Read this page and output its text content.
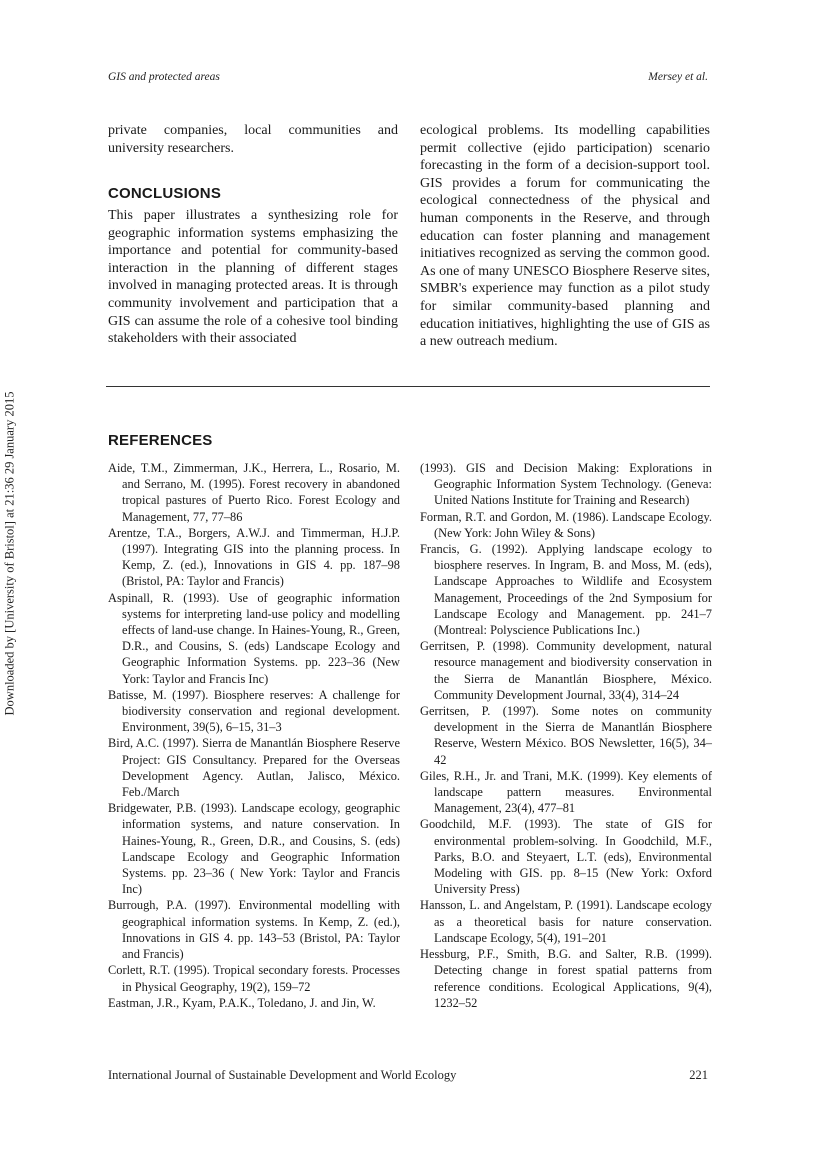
GIS and protected areas	Mersey et al.
Downloaded by [University of Bristol] at 21:36 29 January 2015

private companies, local communities and university researchers.

CONCLUSIONS

This paper illustrates a synthesizing role for geographic information systems emphasizing the importance and potential for community-based interaction in the planning of different stages involved in managing protected areas. It is through community involvement and participation that a GIS can assume the role of a cohesive tool binding stakeholders with their associated

ecological problems. Its modelling capabilities permit collective (ejido participation) scenario forecasting in the form of a decision-support tool. GIS provides a forum for communicating the ecological connectedness of the physical and human components in the Reserve, and through education can foster planning and management initiatives recognized as serving the common good. As one of many UNESCO Biosphere Reserve sites, SMBR's experience may function as a pilot study for similar community-based planning and education initiatives, highlighting the use of GIS as a new outreach medium.

REFERENCES

Aide, T.M., Zimmerman, J.K., Herrera, L., Rosario, M. and Serrano, M. (1995). Forest recovery in abandoned tropical pastures of Puerto Rico. Forest Ecology and Management, 77, 77–86

Arentze, T.A., Borgers, A.W.J. and Timmerman, H.J.P. (1997). Integrating GIS into the planning process. In Kemp, Z. (ed.), Innovations in GIS 4. pp. 187–98 (Bristol, PA: Taylor and Francis)

Aspinall, R. (1993). Use of geographic information systems for interpreting land-use policy and modelling effects of land-use change. In Haines-Young, R., Green, D.R., and Cousins, S. (eds) Landscape Ecology and Geographic Information Systems. pp. 223–36 (New York: Taylor and Francis Inc)

Batisse, M. (1997). Biosphere reserves: A challenge for biodiversity conservation and regional development. Environment, 39(5), 6–15, 31–3

Bird, A.C. (1997). Sierra de Manantlán Biosphere Reserve Project: GIS Consultancy. Prepared for the Overseas Development Agency. Autlan, Jalisco, México. Feb./March

Bridgewater, P.B. (1993). Landscape ecology, geographic information systems, and nature conservation. In Haines-Young, R., Green, D.R., and Cousins, S. (eds) Landscape Ecology and Geographic Information Systems. pp. 23–36 ( New York: Taylor and Francis Inc)

Burrough, P.A. (1997). Environmental modelling with geographical information systems. In Kemp, Z. (ed.), Innovations in GIS 4. pp. 143–53 (Bristol, PA: Taylor and Francis)

Corlett, R.T. (1995). Tropical secondary forests. Processes in Physical Geography, 19(2), 159–72

Eastman, J.R., Kyam, P.A.K., Toledano, J. and Jin, W.

(1993). GIS and Decision Making: Explorations in Geographic Information System Technology. (Geneva: United Nations Institute for Training and Research)

Forman, R.T. and Gordon, M. (1986). Landscape Ecology. (New York: John Wiley & Sons)

Francis, G. (1992). Applying landscape ecology to biosphere reserves. In Ingram, B. and Moss, M. (eds), Landscape Approaches to Wildlife and Ecosystem Management, Proceedings of the 2nd Symposium for Landscape Ecology and Management. pp. 241–7 (Montreal: Polyscience Publications Inc.)

Gerritsen, P. (1998). Community development, natural resource management and biodiversity conservation in the Sierra de Manantlán Biosphere, México. Community Development Journal, 33(4), 314–24

Gerritsen, P. (1997). Some notes on community development in the Sierra de Manantlán Biosphere Reserve, Western México. BOS Newsletter, 16(5), 34–42

Giles, R.H., Jr. and Trani, M.K. (1999). Key elements of landscape pattern measures. Environmental Management, 23(4), 477–81

Goodchild, M.F. (1993). The state of GIS for environmental problem-solving. In Goodchild, M.F., Parks, B.O. and Steyaert, L.T. (eds), Environmental Modeling with GIS. pp. 8–15 (New York: Oxford University Press)

Hansson, L. and Angelstam, P. (1991). Landscape ecology as a theoretical basis for nature conservation. Landscape Ecology, 5(4), 191–201

Hessburg, P.F., Smith, B.G. and Salter, R.B. (1999). Detecting change in forest spatial patterns from reference conditions. Ecological Applications, 9(4), 1232–52

International Journal of Sustainable Development and World Ecology	221
